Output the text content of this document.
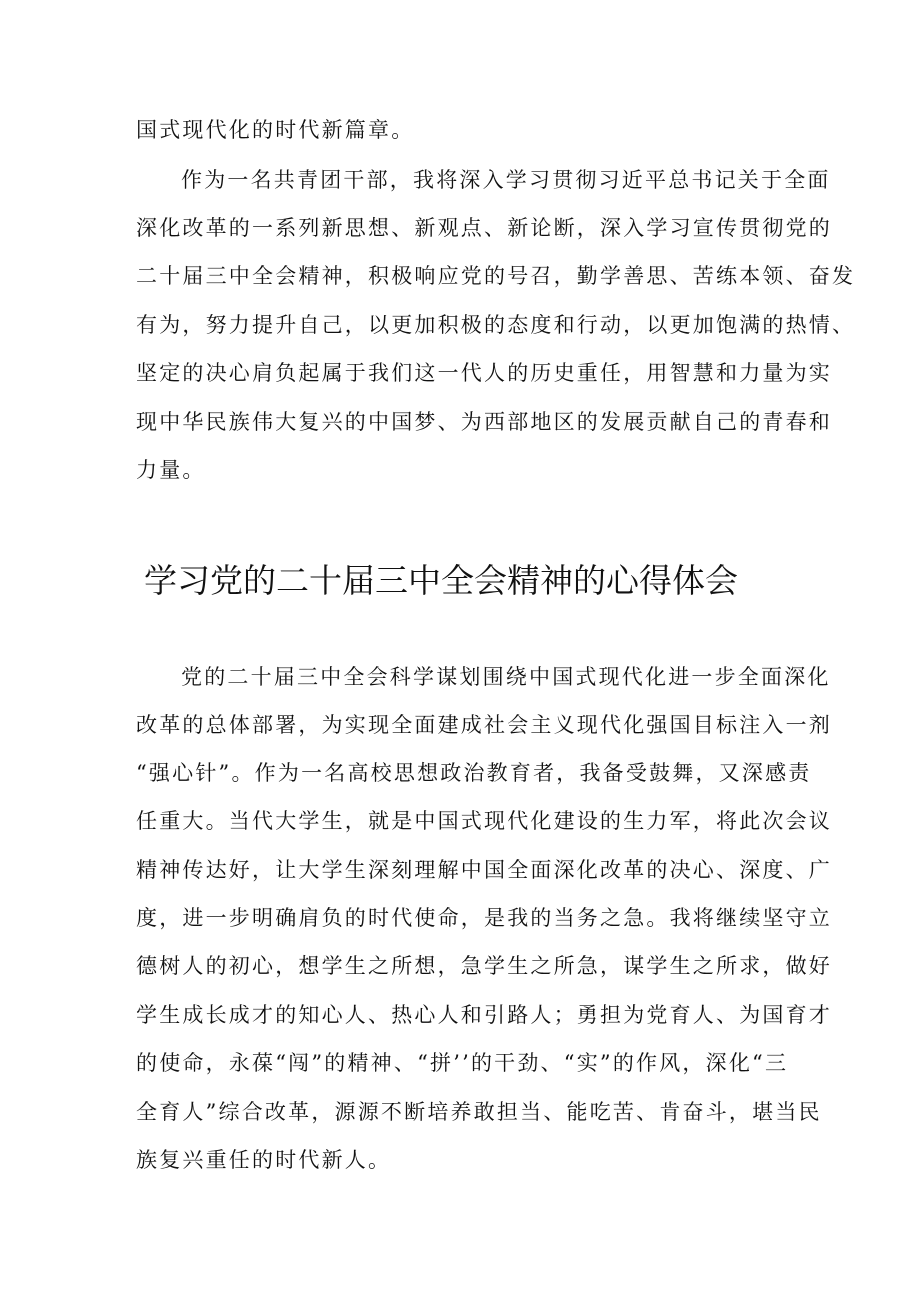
国式现代化的时代新篇章。
作为一名共青团干部，我将深入学习贯彻习近平总书记关于全面
深化改革的一系列新思想、新观点、新论断，深入学习宣传贯彻党的
二十届三中全会精神，积极响应党的号召，勤学善思、苦练本领、奋发
有为，努力提升自己，以更加积极的态度和行动，以更加饱满的热情、
坚定的决心肩负起属于我们这一代人的历史重任，用智慧和力量为实
现中华民族伟大复兴的中国梦、为西部地区的发展贡献自己的青春和
力量。
学习党的二十届三中全会精神的心得体会
党的二十届三中全会科学谋划围绕中国式现代化进一步全面深化
改革的总体部署，为实现全面建成社会主义现代化强国目标注入一剂
“强心针”。作为一名高校思想政治教育者，我备受鼓舞，又深感责
任重大。当代大学生，就是中国式现代化建设的生力军，将此次会议
精神传达好，让大学生深刻理解中国全面深化改革的决心、深度、广
度，进一步明确肩负的时代使命，是我的当务之急。我将继续坚守立
德树人的初心，想学生之所想，急学生之所急，谋学生之所求，做好
学生成长成才的知心人、热心人和引路人；勇担为党育人、为国育才
的使命，永葆“闯”的精神、“拼’’的干劲、“实”的作风，深化“三
全育人”综合改革，源源不断培养敢担当、能吃苦、肯奋斗，堪当民
族复兴重任的时代新人。
